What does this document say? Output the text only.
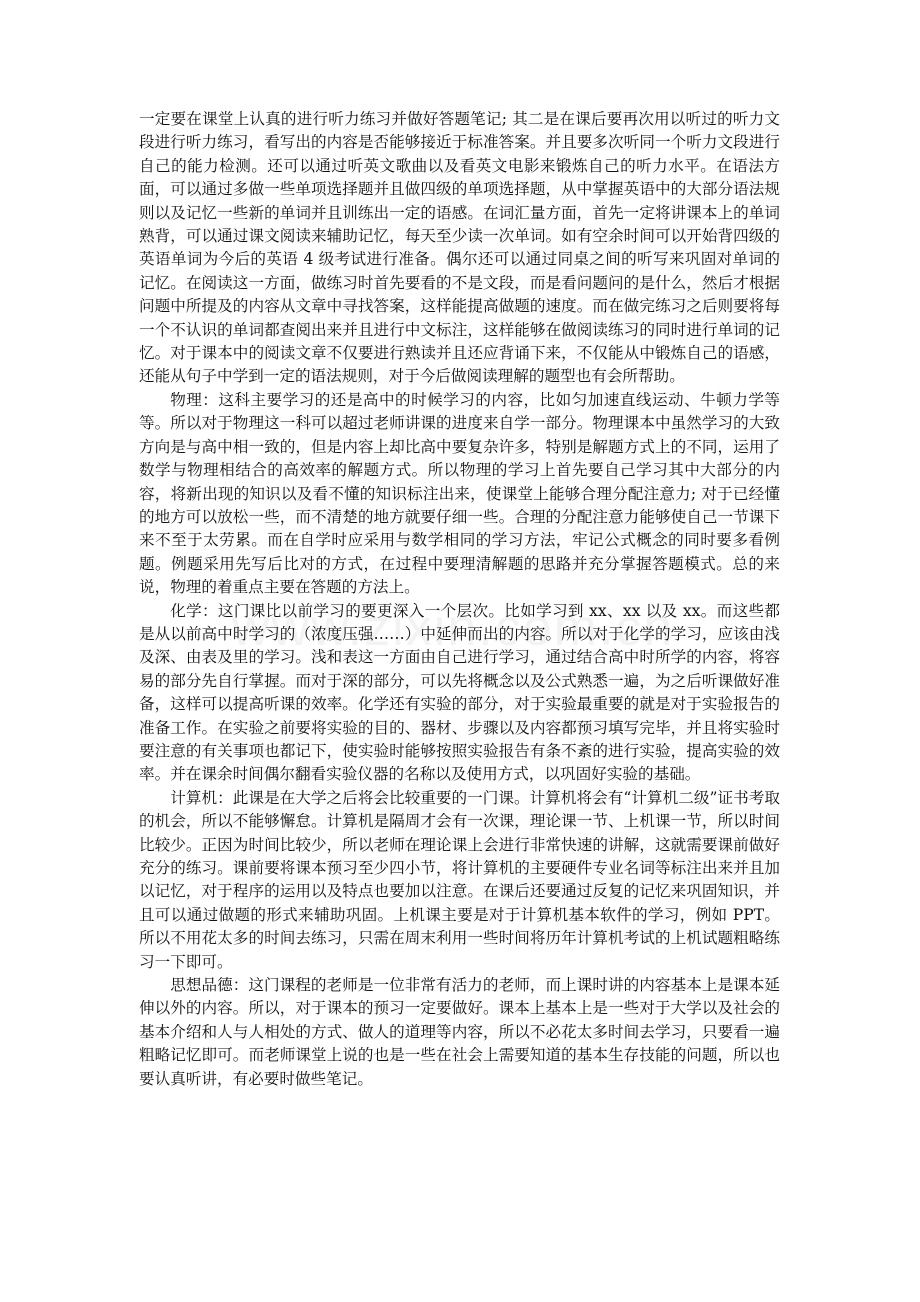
一定要在课堂上认真的进行听力练习并做好答题笔记; 其二是在课后要再次用以听过的听力文段进行听力练习，看写出的内容是否能够接近于标准答案。并且要多次听同一个听力文段进行自己的能力检测。还可以通过听英文歌曲以及看英文电影来锻炼自己的听力水平。在语法方面，可以通过多做一些单项选择题并且做四级的单项选择题，从中掌握英语中的大部分语法规则以及记忆一些新的单词并且训练出一定的语感。在词汇量方面，首先一定将讲课本上的单词熟背，可以通过课文阅读来辅助记忆，每天至少读一次单词。如有空余时间可以开始背四级的英语单词为今后的英语 4 级考试进行准备。偶尔还可以通过同桌之间的听写来巩固对单词的记忆。在阅读这一方面，做练习时首先要看的不是文段，而是看问题问的是什么，然后才根据问题中所提及的内容从文章中寻找答案，这样能提高做题的速度。而在做完练习之后则要将每一个不认识的单词都查阅出来并且进行中文标注，这样能够在做阅读练习的同时进行单词的记忆。对于课本中的阅读文章不仅要进行熟读并且还应背诵下来，不仅能从中锻炼自己的语感，还能从句子中学到一定的语法规则，对于今后做阅读理解的题型也有会所帮助。

物理：这科主要学习的还是高中的时候学习的内容，比如匀加速直线运动、牛顿力学等等。所以对于物理这一科可以超过老师讲课的进度来自学一部分。物理课本中虽然学习的大致方向是与高中相一致的，但是内容上却比高中要复杂许多，特别是解题方式上的不同，运用了数学与物理相结合的高效率的解题方式。所以物理的学习上首先要自己学习其中大部分的内容，将新出现的知识以及看不懂的知识标注出来，使课堂上能够合理分配注意力; 对于已经懂的地方可以放松一些，而不清楚的地方就要仔细一些。合理的分配注意力能够使自己一节课下来不至于太劳累。而在自学时应采用与数学相同的学习方法，牢记公式概念的同时要多看例题。例题采用先写后比对的方式，在过程中要理清解题的思路并充分掌握答题模式。总的来说，物理的着重点主要在答题的方法上。

化学：这门课比以前学习的要更深入一个层次。比如学习到 xx、xx 以及 xx。而这些都是从以前高中时学习的（浓度压强……）中延伸而出的内容。所以对于化学的学习，应该由浅及深、由表及里的学习。浅和表这一方面由自己进行学习，通过结合高中时所学的内容，将容易的部分先自行掌握。而对于深的部分，可以先将概念以及公式熟悉一遍，为之后听课做好准备，这样可以提高听课的效率。化学还有实验的部分，对于实验最重要的就是对于实验报告的准备工作。在实验之前要将实验的目的、器材、步骤以及内容都预习填写完毕，并且将实验时要注意的有关事项也都记下，使实验时能够按照实验报告有条不紊的进行实验，提高实验的效率。并在课余时间偶尔翻看实验仪器的名称以及使用方式，以巩固好实验的基础。

计算机：此课是在大学之后将会比较重要的一门课。计算机将会有“计算机二级”证书考取的机会，所以不能够懈怠。计算机是隔周才会有一次课，理论课一节、上机课一节，所以时间比较少。正因为时间比较少，所以老师在理论课上会进行非常快速的讲解，这就需要课前做好充分的练习。课前要将课本预习至少四小节，将计算机的主要硬件专业名词等标注出来并且加以记忆，对于程序的运用以及特点也要加以注意。在课后还要通过反复的记忆来巩固知识，并且可以通过做题的形式来辅助巩固。上机课主要是对于计算机基本软件的学习，例如 PPT。所以不用花太多的时间去练习，只需在周末利用一些时间将历年计算机考试的上机试题粗略练习一下即可。

思想品德：这门课程的老师是一位非常有活力的老师，而上课时讲的内容基本上是课本延伸以外的内容。所以，对于课本的预习一定要做好。课本上基本上是一些对于大学以及社会的基本介绍和人与人相处的方式、做人的道理等内容，所以不必花太多时间去学习，只要看一遍粗略记忆即可。而老师课堂上说的也是一些在社会上需要知道的基本生存技能的问题，所以也要认真听讲，有必要时做些笔记。
